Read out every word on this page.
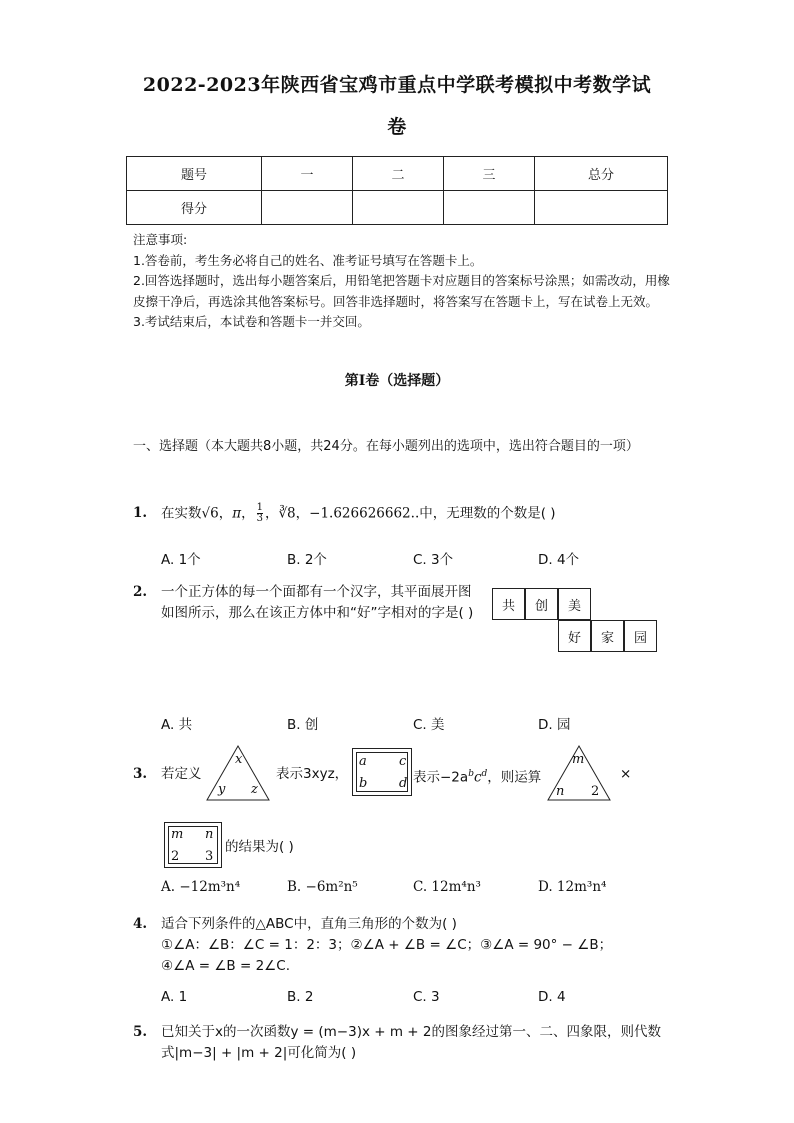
2022-2023年陕西省宝鸡市重点中学联考模拟中考数学试
卷
题号	一	二	三	总分
得分				

注意事项:

1.答卷前，考生务必将自己的姓名、准考证号填写在答题卡上。

2.回答选择题时，选出每小题答案后，用铅笔把答题卡对应题目的答案标号涂黑；如需改动，用橡皮擦干净后，再选涂其他答案标号。回答非选择题时，将答案写在答题卡上，写在试卷上无效。

3.考试结束后，本试卷和答题卡一并交回。

第I卷（选择题）
一、选择题（本大题共8小题，共24分。在每小题列出的选项中，选出符合题目的一项）
1. 在实数√6，π， $\frac{1}{3}$ ，∛8，−1.626626662..中，无理数的个数是( )
A. 1个	B. 2个	C. 3个	D. 4个
2. 一个正方体的每一个面都有一个汉字，其平面展开图如图所示，那么在该正方体中和“好”字相对的字是( )	共	创	美
好	家	园
A. 共	B. 创	C. 美	D. 园
3. 若定义
x
y z
表示3xyz，
a c
b d 表示$-2a^bc^d$，则运算
m
n 2
×
m n
2 3
的结果为( )
A. −12m³n⁴	B. −6m²n⁵	C. 12m⁴n³	D. 12m³n⁴
4. 适合下列条件的△ABC中，直角三角形的个数为( )
①∠A：∠B：∠C = 1：2：3；②∠A + ∠B = ∠C；③∠A = 90° − ∠B；
④∠A = ∠B = 2∠C.
A. 1	B. 2	C. 3	D. 4
5. 已知关于x的一次函数y = (m−3)x + m + 2的图象经过第一、二、四象限，则代数
式|m−3| + |m + 2|可化简为( )
